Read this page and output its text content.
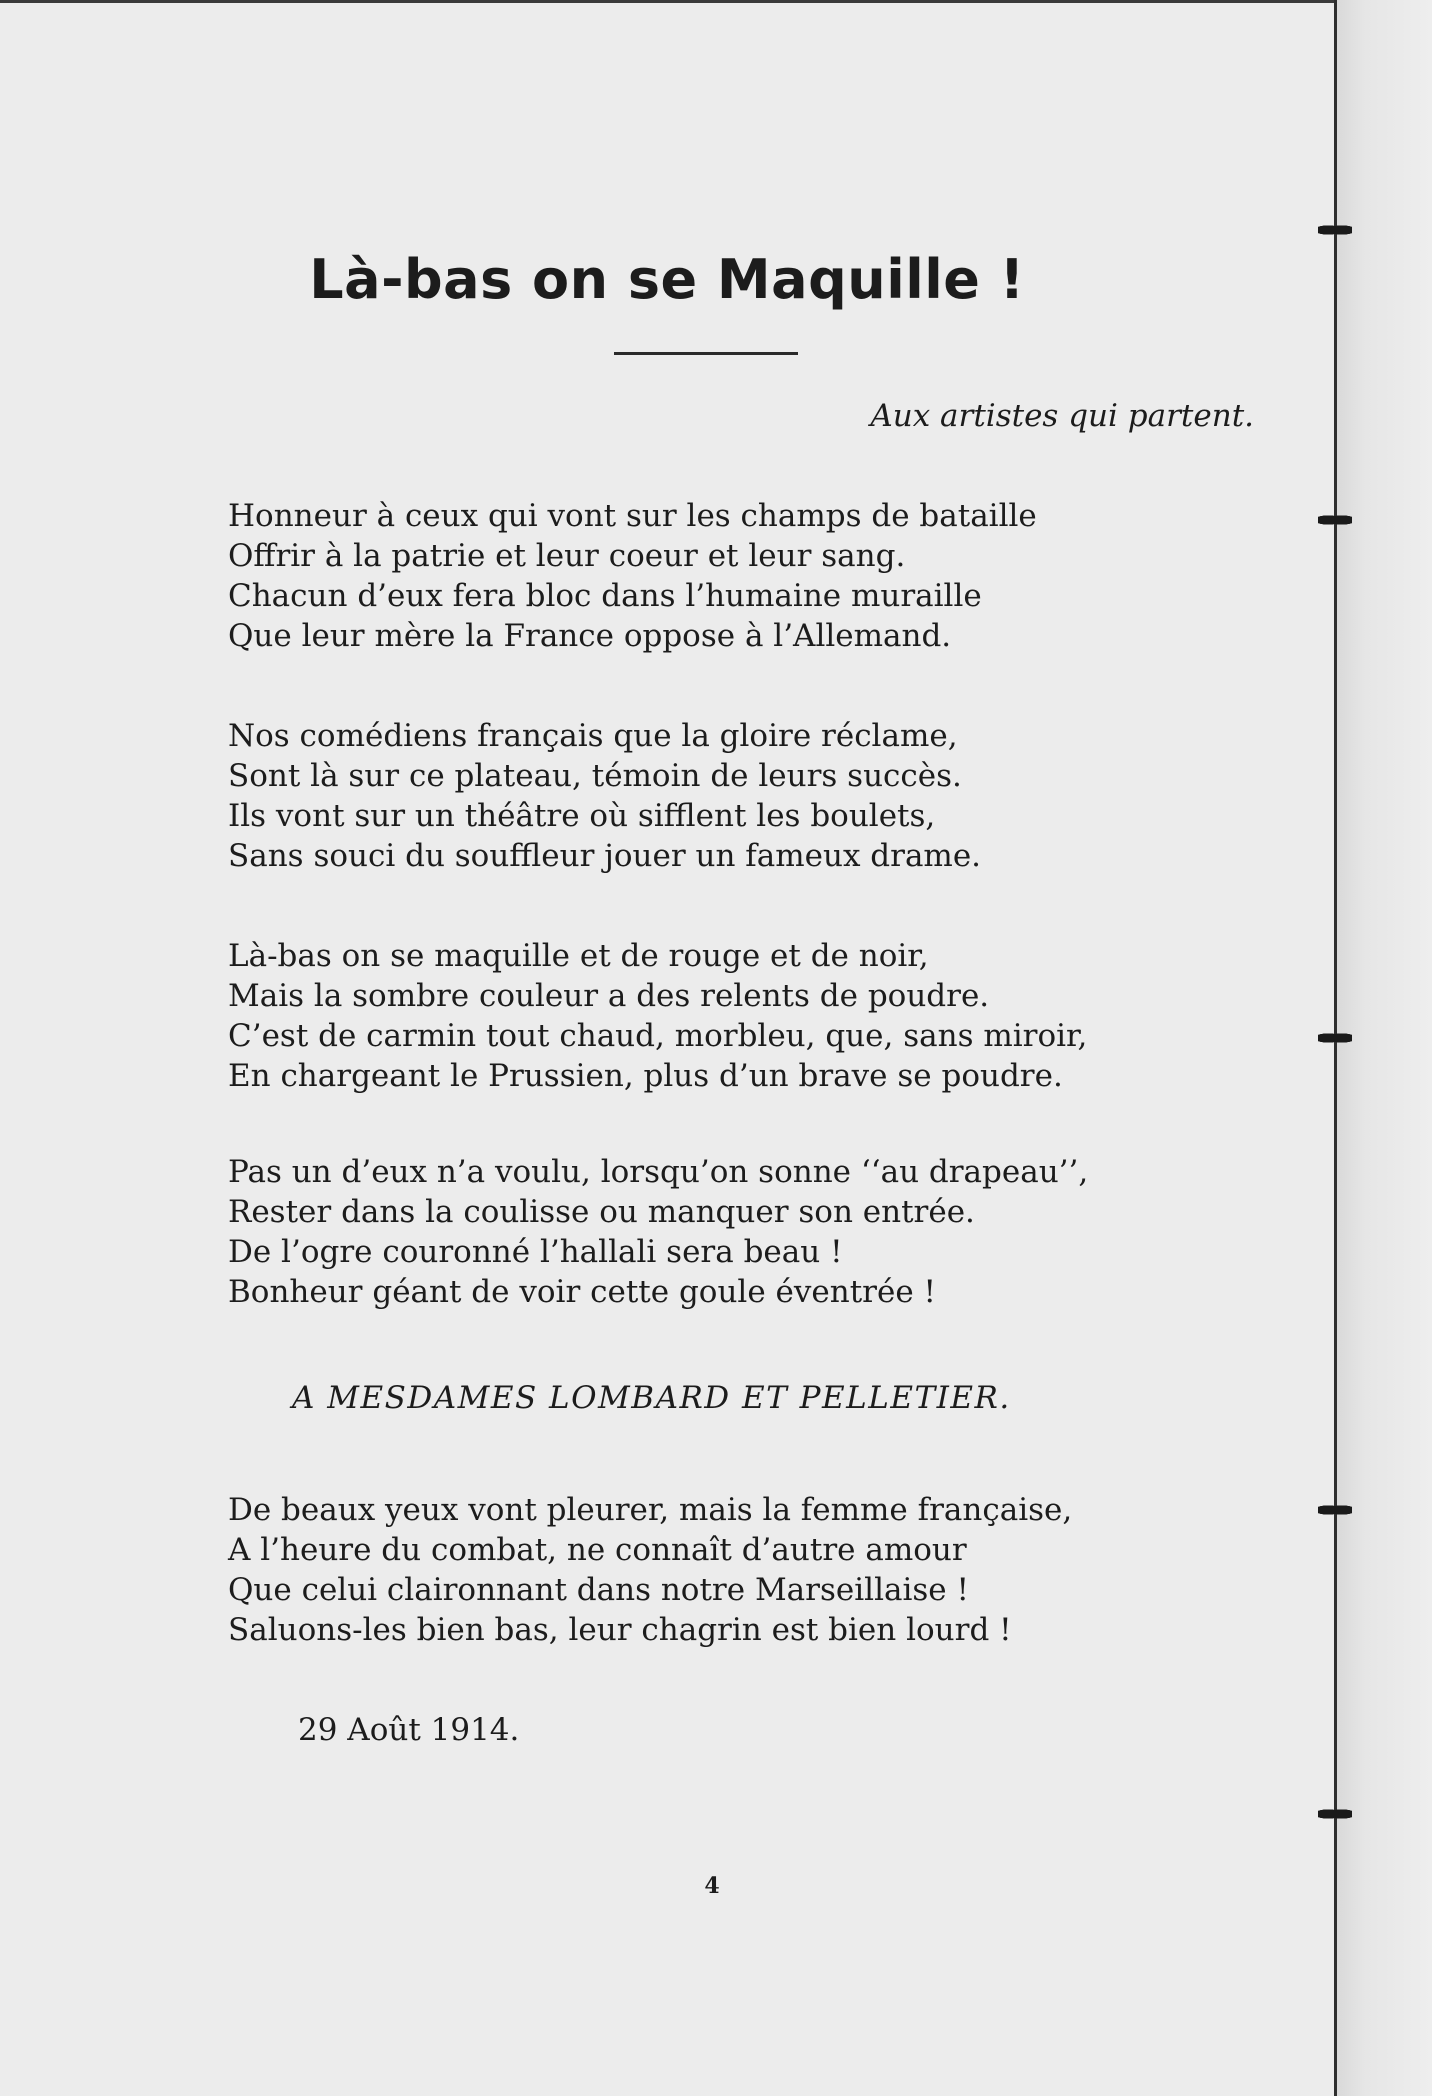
Là-bas on se Maquille !

Aux artistes qui partent.

Honneur à ceux qui vont sur les champs de bataille
Offrir à la patrie et leur coeur et leur sang.
Chacun d’eux fera bloc dans l’humaine muraille
Que leur mère la France oppose à l’Allemand.

Nos comédiens français que la gloire réclame,
Sont là sur ce plateau, témoin de leurs succès.
Ils vont sur un théâtre où sifflent les boulets,
Sans souci du souffleur jouer un fameux drame.

Là-bas on se maquille et de rouge et de noir,
Mais la sombre couleur a des relents de poudre.
C’est de carmin tout chaud, morbleu, que, sans miroir,
En chargeant le Prussien, plus d’un brave se poudre.

Pas un d’eux n’a voulu, lorsqu’on sonne ‘‘au drapeau’’,
Rester dans la coulisse ou manquer son entrée.
De l’ogre couronné l’hallali sera beau !
Bonheur géant de voir cette goule éventrée !

A MESDAMES LOMBARD ET PELLETIER.

De beaux yeux vont pleurer, mais la femme française,
A l’heure du combat, ne connaît d’autre amour
Que celui claironnant dans notre Marseillaise !
Saluons-les bien bas, leur chagrin est bien lourd !

29 Août 1914.

4
